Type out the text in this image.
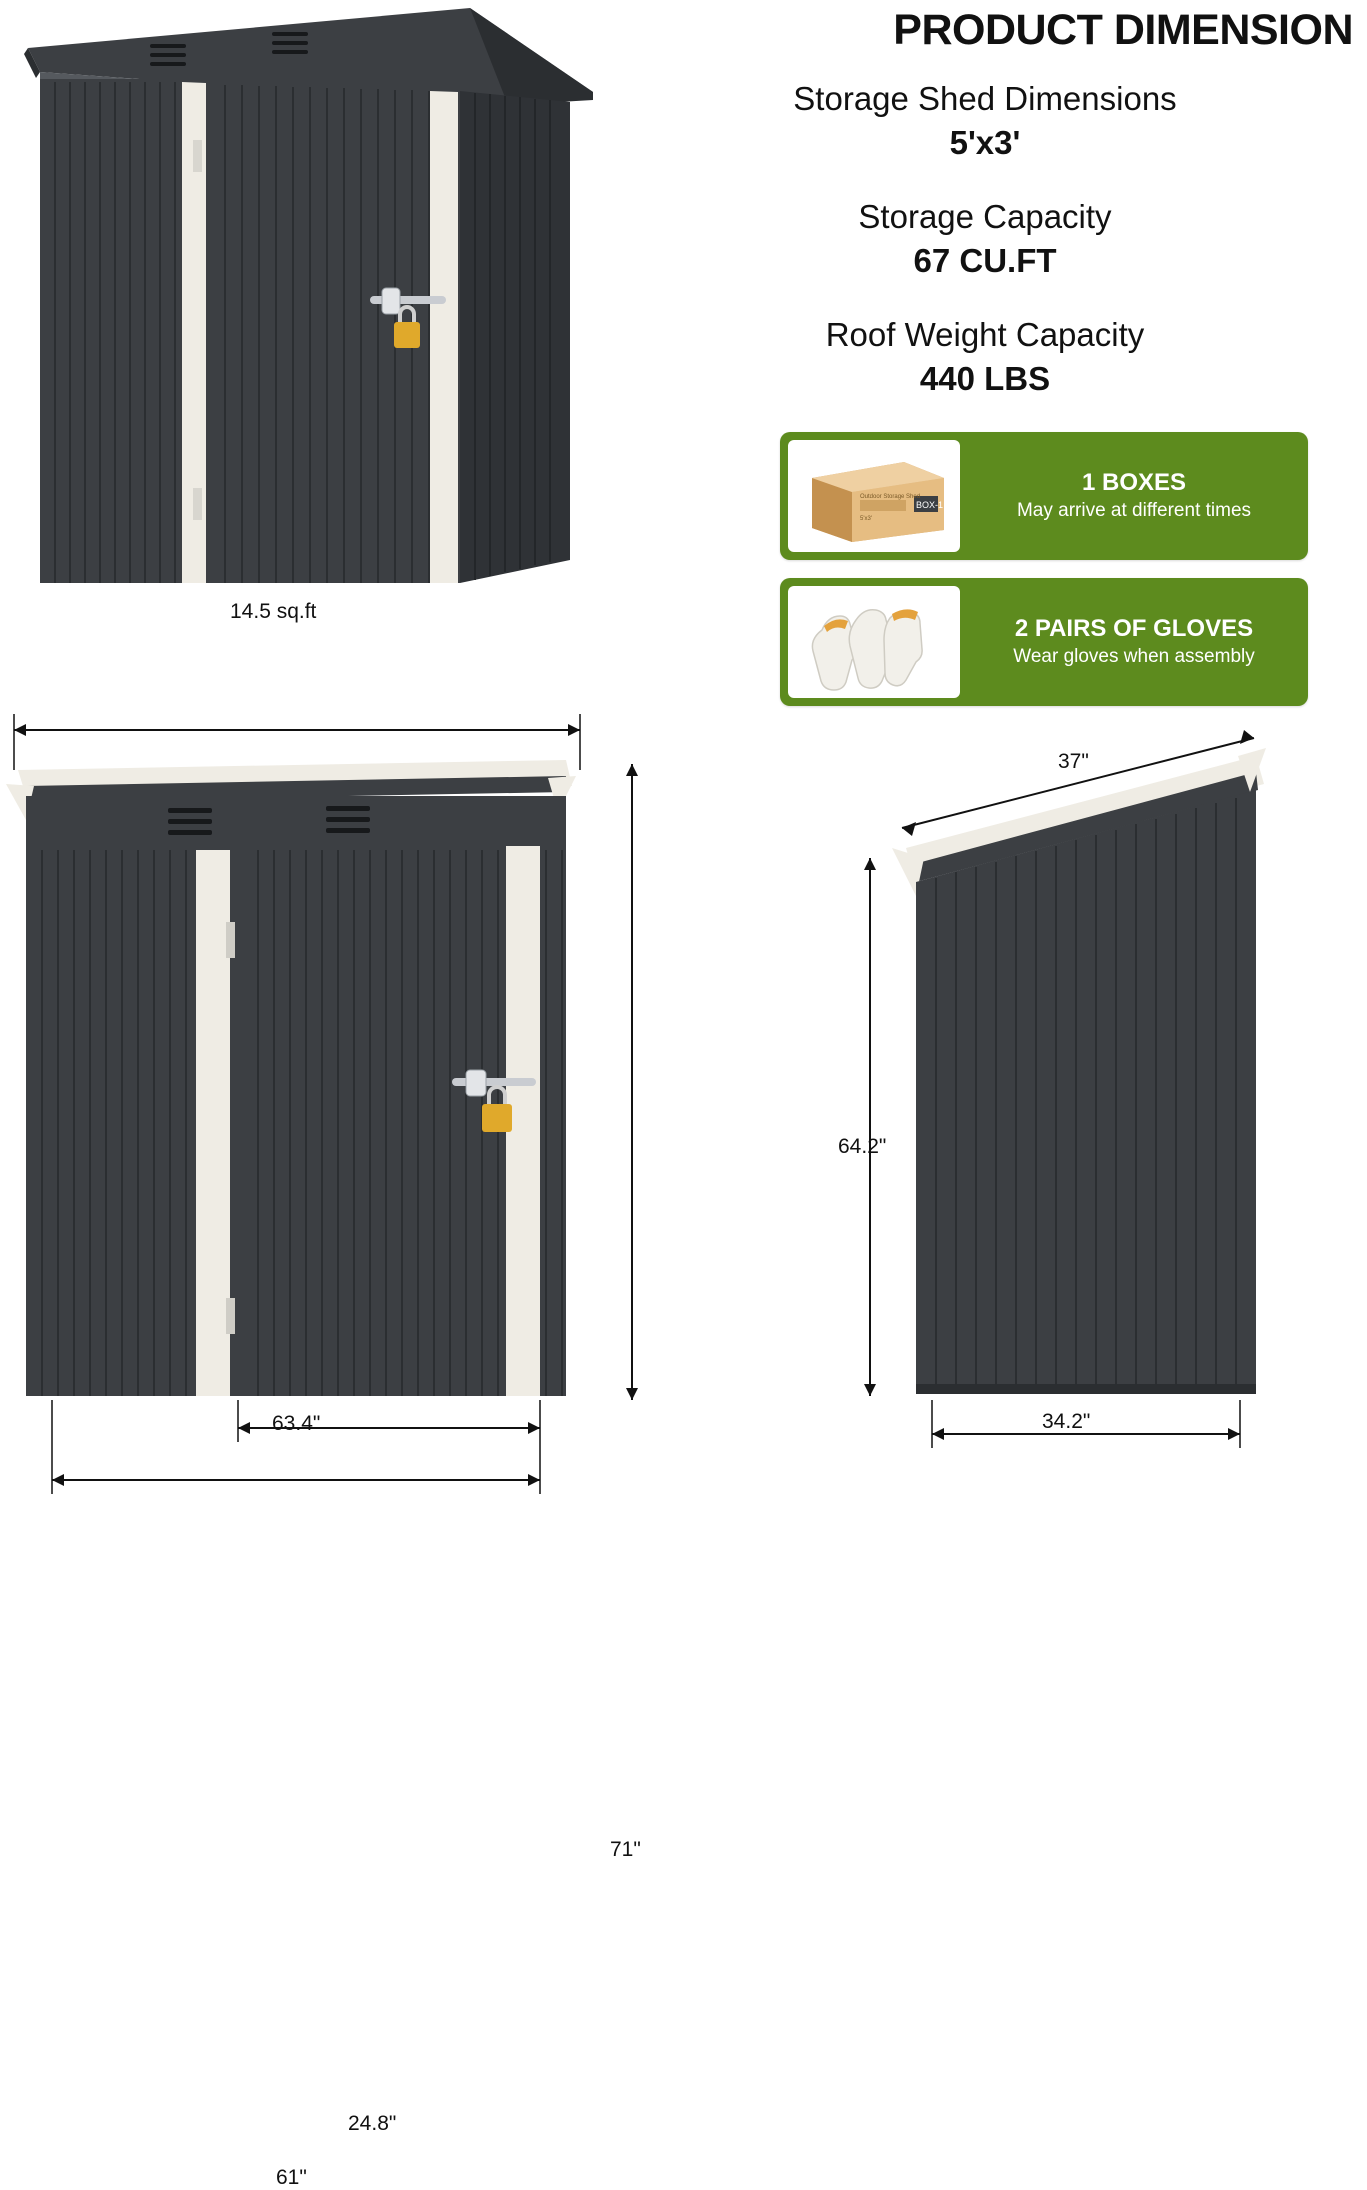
14.5 sq.ft
PRODUCT DIMENSION
Storage Shed Dimensions
5'x3'
Storage Capacity
67 CU.FT
Roof Weight Capacity
440 LBS
BOX-1
Outdoor Storage Shed
5'x3'
1 BOXES
May arrive at different times
2 PAIRS OF GLOVES
Wear gloves when assembly
63.4"
71"
24.8"
61"
37"
64.2"
34.2"
